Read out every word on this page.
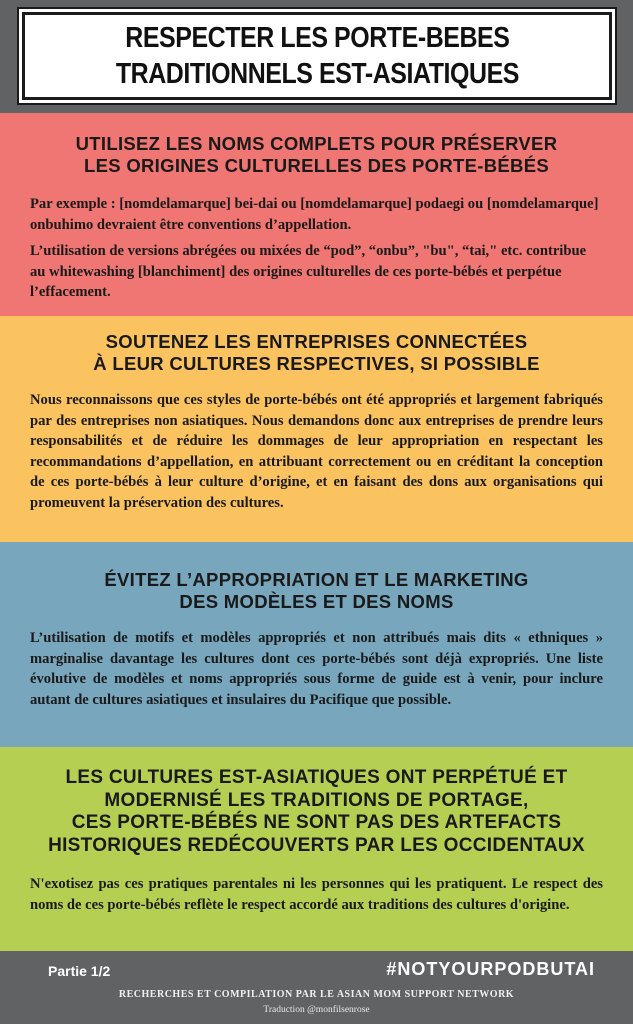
RESPECTER LES PORTE-BEBES
TRADITIONNELS EST-ASIATIQUES
UTILISEZ LES NOMS COMPLETS POUR PRÉSERVER
LES ORIGINES CULTURELLES DES PORTE-BÉBÉS

Par exemple : [nomdelamarque] bei-dai ou [nomdelamarque] podaegi ou [nomdelamarque] onbuhimo devraient être conventions d’appellation.

L’utilisation de versions abrégées ou mixées de “pod”, “onbu”, "bu", “tai," etc. contribue au whitewashing [blanchiment] des origines culturelles de ces porte-bébés et perpétue l’effacement.

SOUTENEZ LES ENTREPRISES CONNECTÉES
À LEUR CULTURES RESPECTIVES, SI POSSIBLE

Nous reconnaissons que ces styles de porte-bébés ont été appropriés et largement fabriqués par des entreprises non asiatiques. Nous demandons donc aux entreprises de prendre leurs responsabilités et de réduire les dommages de leur appropriation en respectant les recommandations d’appellation, en attribuant correctement ou en créditant la conception de ces porte-bébés à leur culture d’origine, et en faisant des dons aux organisations qui promeuvent la préservation des cultures.

ÉVITEZ L’APPROPRIATION ET LE MARKETING
DES MODÈLES ET DES NOMS

L’utilisation de motifs et modèles appropriés et non attribués mais dits « ethniques » marginalise davantage les cultures dont ces porte-bébés sont déjà expropriés. Une liste évolutive de modèles et noms appropriés sous forme de guide est à venir, pour inclure autant de cultures asiatiques et insulaires du Pacifique que possible.

LES CULTURES EST-ASIATIQUES ONT PERPÉTUÉ ET
MODERNISÉ LES TRADITIONS DE PORTAGE,
CES PORTE-BÉBÉS NE SONT PAS DES ARTEFACTS
HISTORIQUES REDÉCOUVERTS PAR LES OCCIDENTAUX

N'exotisez pas ces pratiques parentales ni les personnes qui les pratiquent. Le respect des noms de ces porte-bébés reflète le respect accordé aux traditions des cultures d'origine.

Partie 1/2	#NOTYOURPODBUTAI
RECHERCHES ET COMPILATION PAR LE ASIAN MOM SUPPORT NETWORK
Traduction @monfilsenrose
